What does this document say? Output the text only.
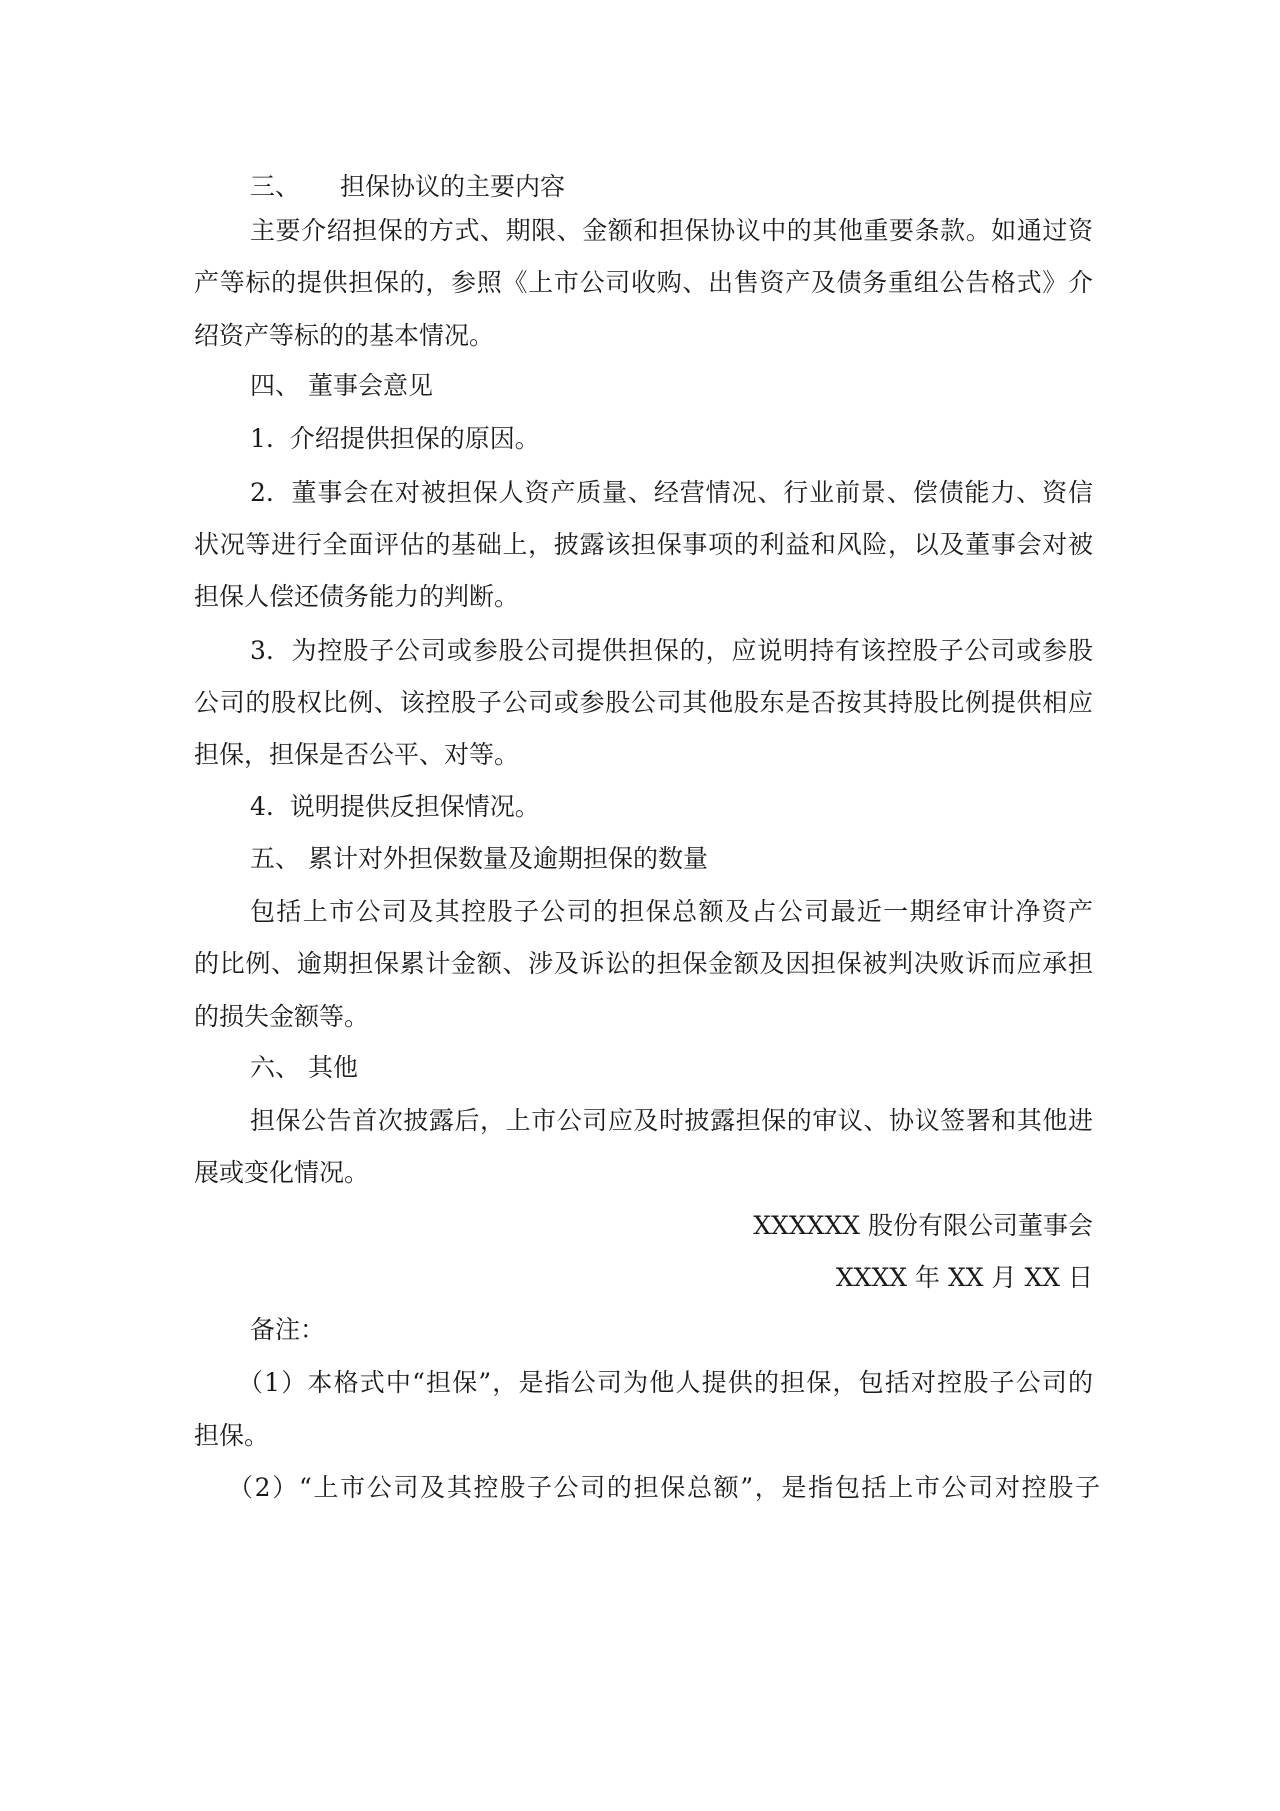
三、 担保协议的主要内容

主要介绍担保的方式、期限、金额和担保协议中的其他重要条款。如通过资

产等标的提供担保的，参照《上市公司收购、出售资产及债务重组公告格式》介

绍资产等标的的基本情况。

四、 董事会意见

1. 介绍提供担保的原因。

2. 董事会在对被担保人资产质量、经营情况、行业前景、偿债能力、资信

状况等进行全面评估的基础上，披露该担保事项的利益和风险，以及董事会对被

担保人偿还债务能力的判断。

3. 为控股子公司或参股公司提供担保的，应说明持有该控股子公司或参股

公司的股权比例、该控股子公司或参股公司其他股东是否按其持股比例提供相应

担保，担保是否公平、对等。

4. 说明提供反担保情况。

五、 累计对外担保数量及逾期担保的数量

包括上市公司及其控股子公司的担保总额及占公司最近一期经审计净资产

的比例、逾期担保累计金额、涉及诉讼的担保金额及因担保被判决败诉而应承担

的损失金额等。

六、 其他

担保公告首次披露后，上市公司应及时披露担保的审议、协议签署和其他进

展或变化情况。

XXXXXX 股份有限公司董事会

XXXX 年 XX 月 XX 日

备注：

（1）本格式中“担保”，是指公司为他人提供的担保，包括对控股子公司的

担保。

（2）“上市公司及其控股子公司的担保总额”，是指包括上市公司对控股子
